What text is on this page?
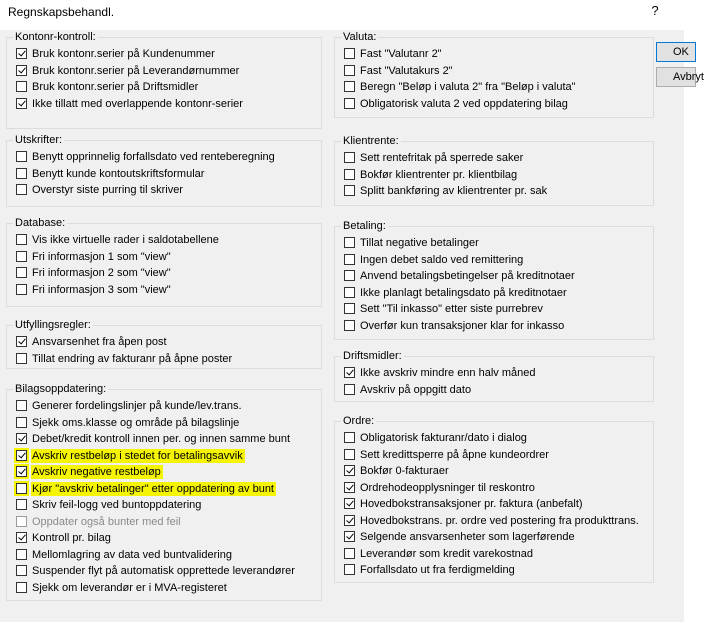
Regnskapsbehandl.	?
Kontonr-kontroll:
Bruk kontonr.serier på Kundenummer
Bruk kontonr.serier på Leverandørnummer
Bruk kontonr.serier på Driftsmidler
Ikke tillatt med overlappende kontonr-serier
Utskrifter:
Benytt opprinnelig forfallsdato ved renteberegning
Benytt kunde kontoutskriftsformular
Overstyr siste purring til skriver
Database:
Vis ikke virtuelle rader i saldotabellene
Fri informasjon 1 som "view"
Fri informasjon 2 som "view"
Fri informasjon 3 som "view"
Utfyllingsregler:
Ansvarsenhet fra åpen post
Tillat endring av fakturanr på åpne poster
Bilagsoppdatering:
Generer fordelingslinjer på kunde/lev.trans.
Sjekk oms.klasse og område på bilagslinje
Debet/kredit kontroll innen per. og innen samme bunt
Avskriv restbeløp i stedet for betalingsavvik
Avskriv negative restbeløp
Kjør "avskriv betalinger" etter oppdatering av bunt
Skriv feil-logg ved buntoppdatering
Oppdater også bunter med feil
Kontroll pr. bilag
Mellomlagring av data ved buntvalidering
Suspender flyt på automatisk opprettede leverandører
Sjekk om leverandør er i MVA-registeret
Valuta:
Fast "Valutanr 2"
Fast "Valutakurs 2"
Beregn "Beløp i valuta 2" fra "Beløp i valuta"
Obligatorisk valuta 2 ved oppdatering bilag
Klientrente:
Sett rentefritak på sperrede saker
Bokfør klientrenter pr. klientbilag
Splitt bankføring av klientrenter pr. sak
Betaling:
Tillat negative betalinger
Ingen debet saldo ved remittering
Anvend betalingsbetingelser på kreditnotaer
Ikke planlagt betalingsdato på kreditnotaer
Sett "Til inkasso" etter siste purrebrev
Overfør kun transaksjoner klar for inkasso
Driftsmidler:
Ikke avskriv mindre enn halv måned
Avskriv på oppgitt dato
Ordre:
Obligatorisk fakturanr/dato i dialog
Sett kredittsperre på åpne kundeordrer
Bokfør 0-fakturaer
Ordrehodeopplysninger til reskontro
Hovedbokstransaksjoner pr. faktura (anbefalt)
Hovedbokstrans. pr. ordre ved postering fra produkttrans.
Selgende ansvarsenheter som lagerførende
Leverandør som kredit varekostnad
Forfallsdato ut fra ferdigmelding
OK
Avbryt
